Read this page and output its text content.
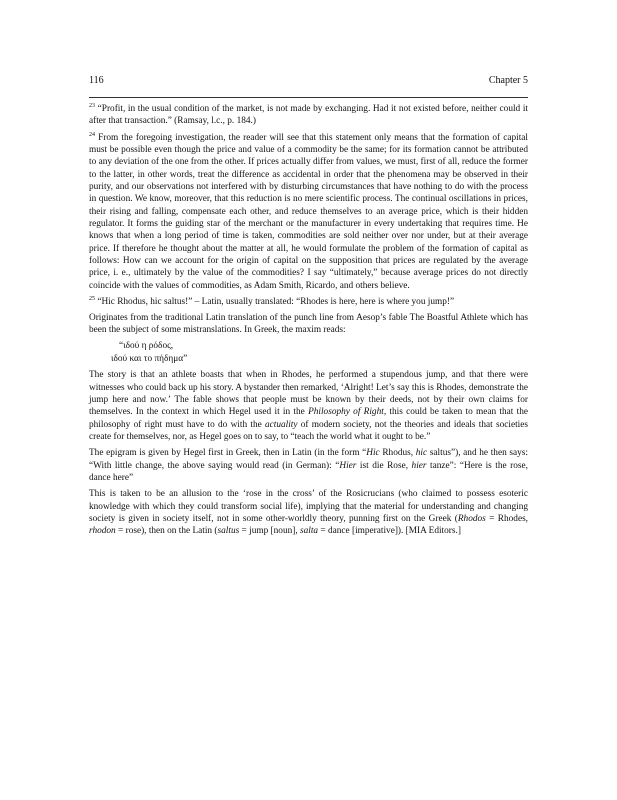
116	Chapter 5

$^{23}$ “Profit, in the usual condition of the market, is not made by exchanging. Had it not existed before, neither could it after that transaction.” (Ramsay, l.c., p. 184.)

$^{24}$ From the foregoing investigation, the reader will see that this statement only means that the formation of capital must be possible even though the price and value of a commodity be the same; for its formation cannot be attributed to any deviation of the one from the other. If prices actually differ from values, we must, first of all, reduce the former to the latter, in other words, treat the difference as accidental in order that the phenomena may be observed in their purity, and our observations not interfered with by disturbing circumstances that have nothing to do with the process in question. We know, moreover, that this reduction is no mere scientific process. The continual oscillations in prices, their rising and falling, compensate each other, and reduce themselves to an average price, which is their hidden regulator. It forms the guiding star of the merchant or the manufacturer in every undertaking that requires time. He knows that when a long period of time is taken, commodities are sold neither over nor under, but at their average price. If therefore he thought about the matter at all, he would formulate the problem of the formation of capital as follows: How can we account for the origin of capital on the supposition that prices are regulated by the average price, i. e., ultimately by the value of the commodities? I say “ultimately,” because average prices do not directly coincide with the values of commodities, as Adam Smith, Ricardo, and others believe.

$^{25}$ “Hic Rhodus, hic saltus!” – Latin, usually translated: “Rhodes is here, here is where you jump!”

Originates from the traditional Latin translation of the punch line from Aesop’s fable The Boastful Athlete which has been the subject of some mistranslations. In Greek, the maxim reads:

“ιδού η ρόδος,
ιδού και το πήδημα”

The story is that an athlete boasts that when in Rhodes, he performed a stupendous jump, and that there were witnesses who could back up his story. A bystander then remarked, ‘Alright! Let’s say this is Rhodes, demonstrate the jump here and now.’ The fable shows that people must be known by their deeds, not by their own claims for themselves. In the context in which Hegel used it in the Philosophy of Right, this could be taken to mean that the philosophy of right must have to do with the actuality of modern society, not the theories and ideals that societies create for themselves, nor, as Hegel goes on to say, to “teach the world what it ought to be.”

The epigram is given by Hegel first in Greek, then in Latin (in the form “Hic Rhodus, hic saltus”), and he then says: “With little change, the above saying would read (in German): “Hier ist die Rose, hier tanze”: “Here is the rose, dance here”

This is taken to be an allusion to the ‘rose in the cross’ of the Rosicrucians (who claimed to possess esoteric knowledge with which they could transform social life), implying that the material for understanding and changing society is given in society itself, not in some other-worldly theory, punning first on the Greek (Rhodos = Rhodes, rhodon = rose), then on the Latin (saltus = jump [noun], salta = dance [imperative]). [MIA Editors.]
